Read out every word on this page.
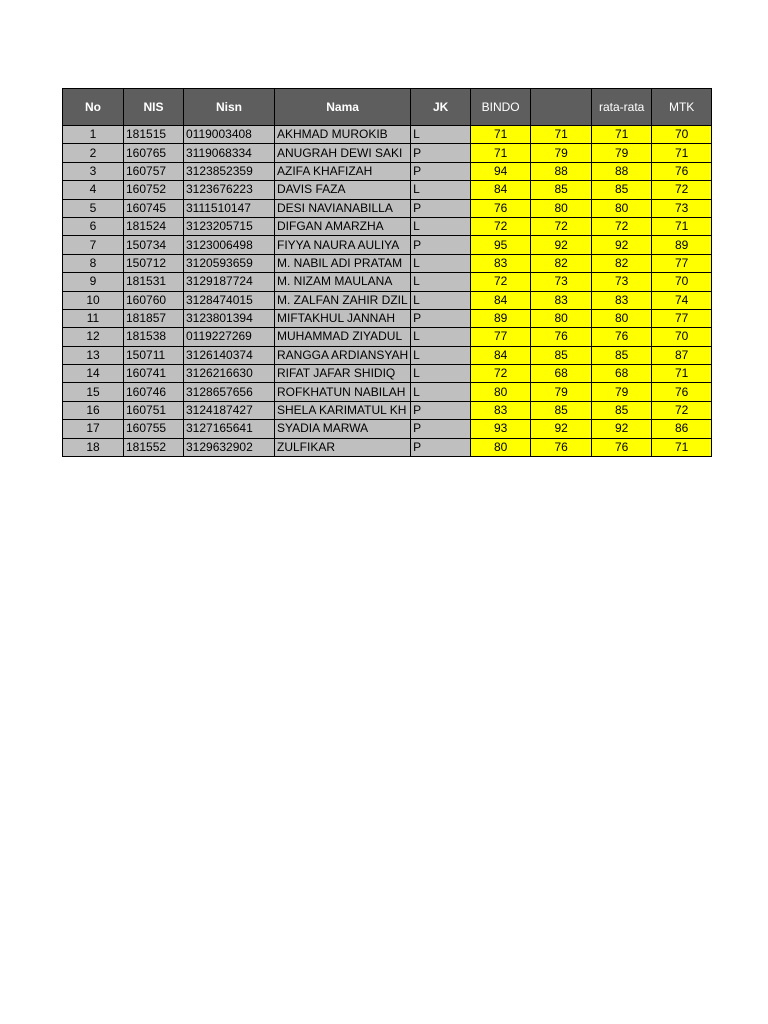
No	NIS	Nisn	Nama	JK	BINDO		rata-rata	MTK
1	181515	0119003408	AKHMAD MUROKIB	L	71	71	71	70
2	160765	3119068334	ANUGRAH DEWI SAKI	P	71	79	79	71
3	160757	3123852359	AZIFA KHAFIZAH	P	94	88	88	76
4	160752	3123676223	DAVIS FAZA	L	84	85	85	72
5	160745	3111510147	DESI NAVIANABILLA	P	76	80	80	73
6	181524	3123205715	DIFGAN AMARZHA	L	72	72	72	71
7	150734	3123006498	FIYYA NAURA AULIYA	P	95	92	92	89
8	150712	3120593659	M. NABIL ADI PRATAM	L	83	82	82	77
9	181531	3129187724	M. NIZAM MAULANA	L	72	73	73	70
10	160760	3128474015	M. ZALFAN ZAHIR DZIL	L	84	83	83	74
11	181857	3123801394	MIFTAKHUL JANNAH	P	89	80	80	77
12	181538	0119227269	MUHAMMAD ZIYADUL	L	77	76	76	70
13	150711	3126140374	RANGGA ARDIANSYAH	L	84	85	85	87
14	160741	3126216630	RIFAT JAFAR SHIDIQ	L	72	68	68	71
15	160746	3128657656	ROFKHATUN NABILAH	L	80	79	79	76
16	160751	3124187427	SHELA KARIMATUL KH	P	83	85	85	72
17	160755	3127165641	SYADIA MARWA	P	93	92	92	86
18	181552	3129632902	ZULFIKAR	P	80	76	76	71
